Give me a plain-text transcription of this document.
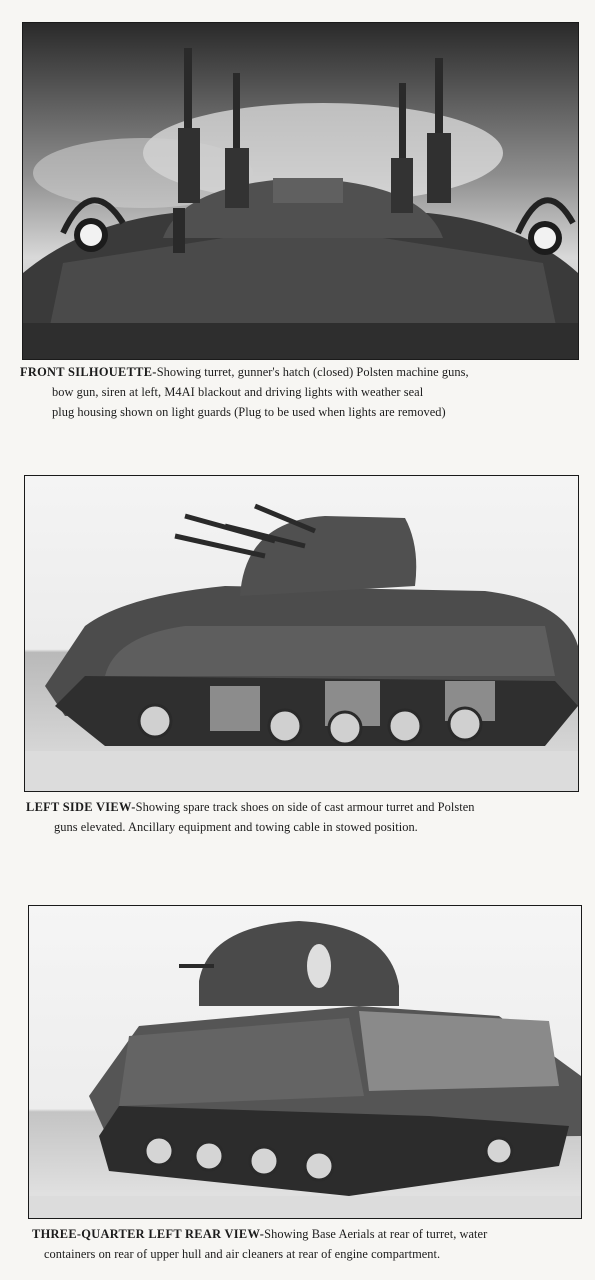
FRONT SILHOUETTE-Showing turret, gunner's hatch (closed) Polsten machine guns,
bow gun, siren at left, M4AI blackout and driving lights with weather seal
plug housing shown on light guards (Plug to be used when lights are removed)
LEFT SIDE VIEW-Showing spare track shoes on side of cast armour turret and Polsten
guns elevated. Ancillary equipment and towing cable in stowed position.
THREE-QUARTER LEFT REAR VIEW-Showing Base Aerials at rear of turret, water
containers on rear of upper hull and air cleaners at rear of engine compartment.
